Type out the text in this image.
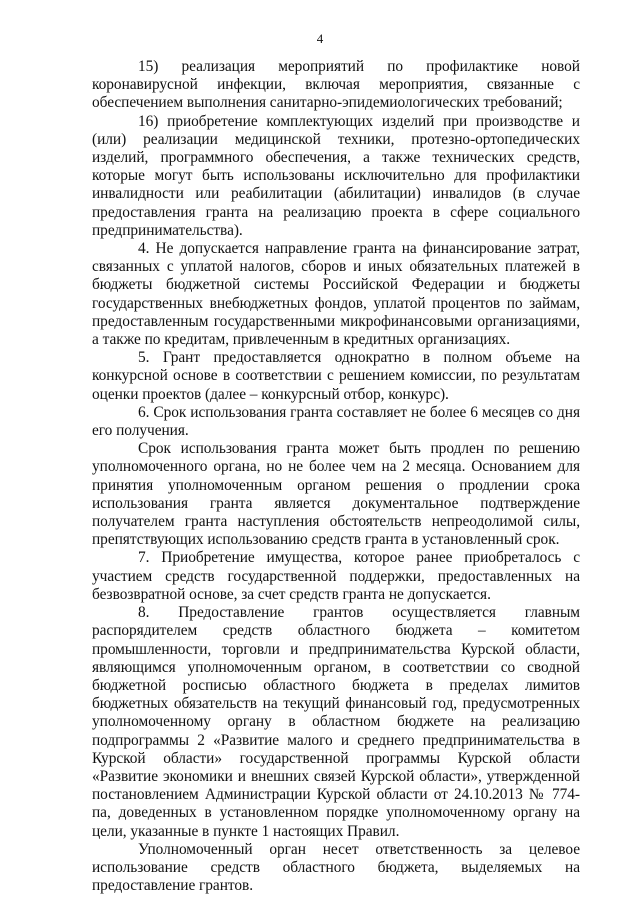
4

15) реализация мероприятий по профилактике новой коронавирусной инфекции, включая мероприятия, связанные с обеспечением выполнения санитарно-эпидемиологических требований;

16) приобретение комплектующих изделий при производстве и (или) реализации медицинской техники, протезно-ортопедических изделий, программного обеспечения, а также технических средств, которые могут быть использованы исключительно для профилактики инвалидности или реабилитации (абилитации) инвалидов (в случае предоставления гранта на реализацию проекта в сфере социального предпринимательства).

4. Не допускается направление гранта на финансирование затрат, связанных с уплатой налогов, сборов и иных обязательных платежей в бюджеты бюджетной системы Российской Федерации и бюджеты государственных внебюджетных фондов, уплатой процентов по займам, предоставленным государственными микрофинансовыми организациями, а также по кредитам, привлеченным в кредитных организациях.

5. Грант предоставляется однократно в полном объеме на конкурсной основе в соответствии с решением комиссии, по результатам оценки проектов (далее – конкурсный отбор, конкурс).

6. Срок использования гранта составляет не более 6 месяцев со дня его получения.

Срок использования гранта может быть продлен по решению уполномоченного органа, но не более чем на 2 месяца. Основанием для принятия уполномоченным органом решения о продлении срока использования гранта является документальное подтверждение получателем гранта наступления обстоятельств непреодолимой силы, препятствующих использованию средств гранта в установленный срок.

7. Приобретение имущества, которое ранее приобреталось с участием средств государственной поддержки, предоставленных на безвозвратной основе, за счет средств гранта не допускается.

8. Предоставление грантов осуществляется главным распорядителем средств областного бюджета – комитетом промышленности, торговли и предпринимательства Курской области, являющимся уполномоченным органом, в соответствии со сводной бюджетной росписью областного бюджета в пределах лимитов бюджетных обязательств на текущий финансовый год, предусмотренных уполномоченному органу в областном бюджете на реализацию подпрограммы 2 «Развитие малого и среднего предпринимательства в Курской области» государственной программы Курской области «Развитие экономики и внешних связей Курской области», утвержденной постановлением Администрации Курской области от 24.10.2013 № 774-па, доведенных в установленном порядке уполномоченному органу на цели, указанные в пункте 1 настоящих Правил.

Уполномоченный орган несет ответственность за целевое использование средств областного бюджета, выделяемых на предоставление грантов.
